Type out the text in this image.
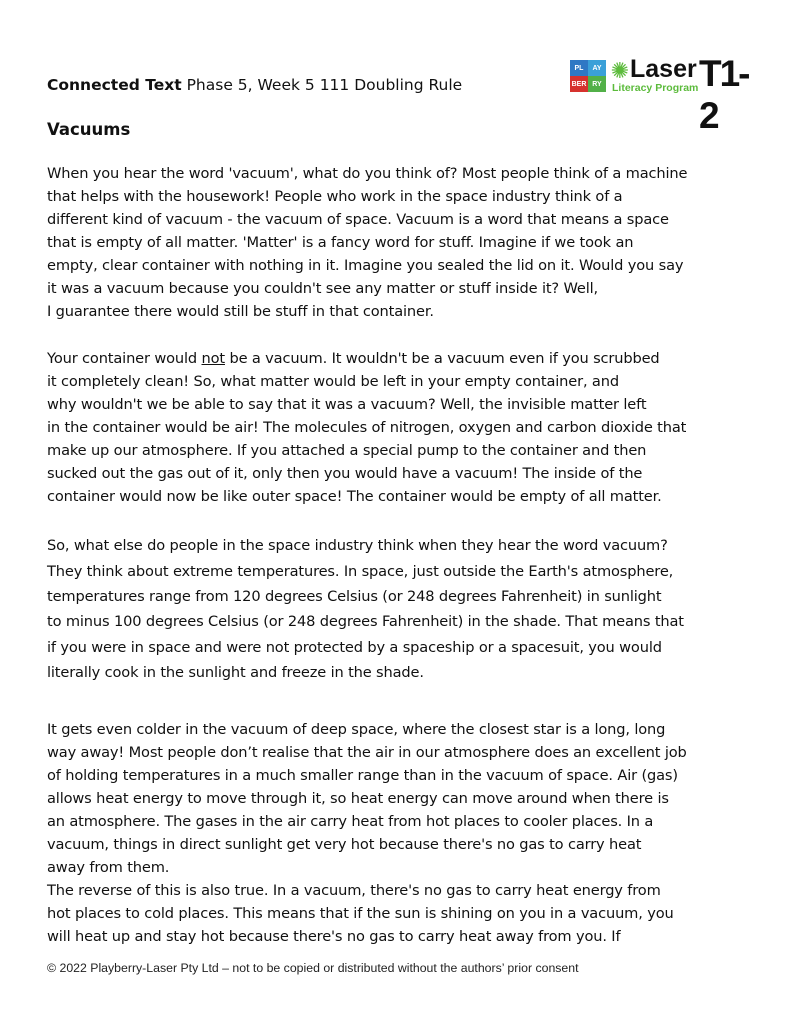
Connected Text Phase 5, Week 5 111 Doubling Rule
PL	AY
BER RY ✺ Laser
Literacy Program T1-2
Vacuums
When you hear the word 'vacuum', what do you think of? Most people think of a machine
that helps with the housework! People who work in the space industry think of a
different kind of vacuum - the vacuum of space. Vacuum is a word that means a space
that is empty of all matter. 'Matter' is a fancy word for stuff. Imagine if we took an
empty, clear container with nothing in it. Imagine you sealed the lid on it. Would you say
it was a vacuum because you couldn't see any matter or stuff inside it? Well,
I guarantee there would still be stuff in that container.
Your container would not be a vacuum. It wouldn't be a vacuum even if you scrubbed
it completely clean! So, what matter would be left in your empty container, and
why wouldn't we be able to say that it was a vacuum? Well, the invisible matter left
in the container would be air! The molecules of nitrogen, oxygen and carbon dioxide that
make up our atmosphere. If you attached a special pump to the container and then
sucked out the gas out of it, only then you would have a vacuum! The inside of the
container would now be like outer space! The container would be empty of all matter.
So, what else do people in the space industry think when they hear the word vacuum?
They think about extreme temperatures. In space, just outside the Earth's atmosphere,
temperatures range from 120 degrees Celsius (or 248 degrees Fahrenheit) in sunlight
to minus 100 degrees Celsius (or 248 degrees Fahrenheit) in the shade. That means that
if you were in space and were not protected by a spaceship or a spacesuit, you would
literally cook in the sunlight and freeze in the shade.
It gets even colder in the vacuum of deep space, where the closest star is a long, long
way away! Most people don’t realise that the air in our atmosphere does an excellent job
of holding temperatures in a much smaller range than in the vacuum of space. Air (gas)
allows heat energy to move through it, so heat energy can move around when there is
an atmosphere. The gases in the air carry heat from hot places to cooler places. In a
vacuum, things in direct sunlight get very hot because there's no gas to carry heat
away from them.
The reverse of this is also true. In a vacuum, there's no gas to carry heat energy from
hot places to cold places. This means that if the sun is shining on you in a vacuum, you
will heat up and stay hot because there's no gas to carry heat away from you. If
© 2022 Playberry-Laser Pty Ltd – not to be copied or distributed without the authors’ prior consent
